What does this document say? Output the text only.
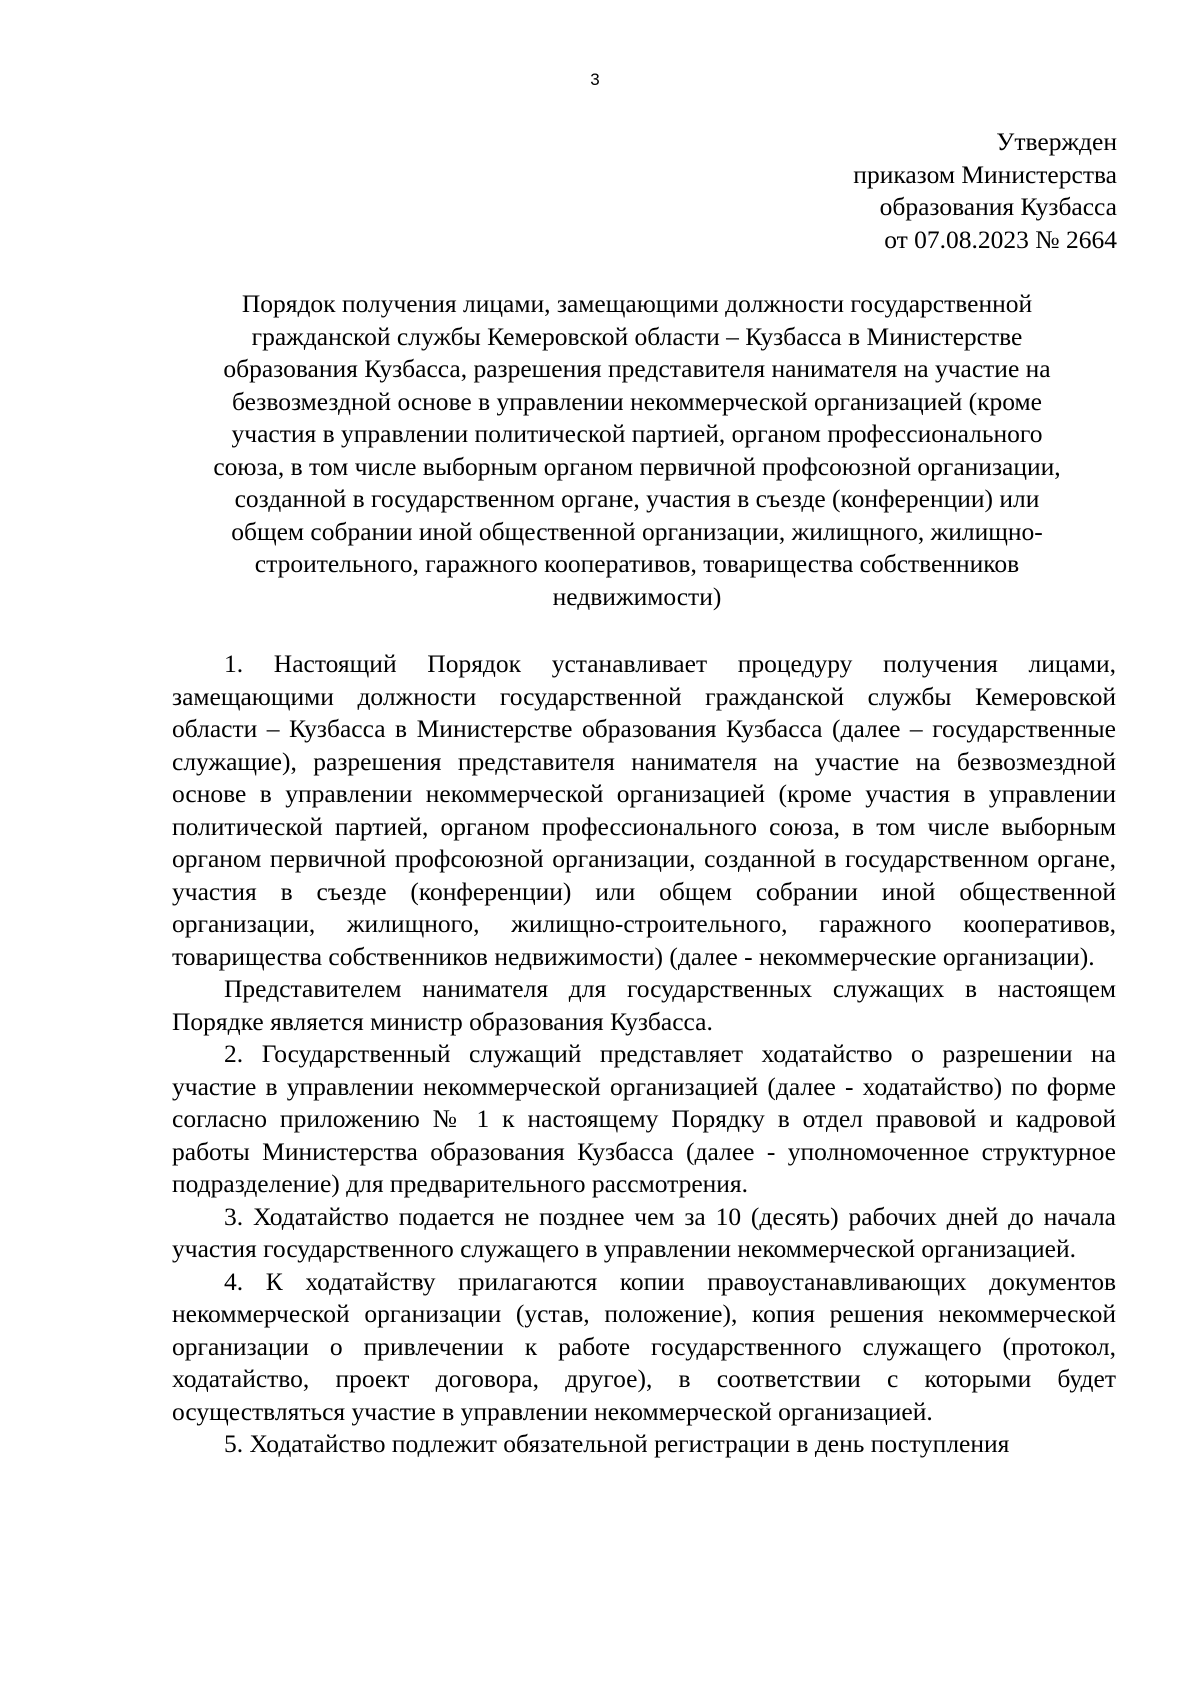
3
Утвержден
приказом Министерства
образования Кузбасса
от 07.08.2023 № 2664
Порядок получения лицами, замещающими должности государственной
гражданской службы Кемеровской области – Кузбасса в Министерстве
образования Кузбасса, разрешения представителя нанимателя на участие на
безвозмездной основе в управлении некоммерческой организацией (кроме
участия в управлении политической партией, органом профессионального
союза, в том числе выборным органом первичной профсоюзной организации,
созданной в государственном органе, участия в съезде (конференции) или
общем собрании иной общественной организации, жилищного, жилищно-
строительного, гаражного кооперативов, товарищества собственников
недвижимости)

1. Настоящий Порядок устанавливает процедуру получения лицами, замещающими должности государственной гражданской службы Кемеровской области – Кузбасса в Министерстве образования Кузбасса (далее – государственные служащие), разрешения представителя нанимателя на участие на безвозмездной основе в управлении некоммерческой организацией (кроме участия в управлении политической партией, органом профессионального союза, в том числе выборным органом первичной профсоюзной организации, созданной в государственном органе, участия в съезде (конференции) или общем собрании иной общественной организации, жилищного, жилищно-строительного, гаражного кооперативов, товарищества собственников недвижимости) (далее - некоммерческие организации).

Представителем нанимателя для государственных служащих в настоящем Порядке является министр образования Кузбасса.

2. Государственный служащий представляет ходатайство о разрешении на участие в управлении некоммерческой организацией (далее - ходатайство) по форме согласно приложению № 1 к настоящему Порядку в отдел правовой и кадровой работы Министерства образования Кузбасса (далее - уполномоченное структурное подразделение) для предварительного рассмотрения.

3. Ходатайство подается не позднее чем за 10 (десять) рабочих дней до начала участия государственного служащего в управлении некоммерческой организацией.

4. К ходатайству прилагаются копии правоустанавливающих документов некоммерческой организации (устав, положение), копия решения некоммерческой организации о привлечении к работе государственного служащего (протокол, ходатайство, проект договора, другое), в соответствии с которыми будет осуществляться участие в управлении некоммерческой организацией.

5. Ходатайство подлежит обязательной регистрации в день поступления
